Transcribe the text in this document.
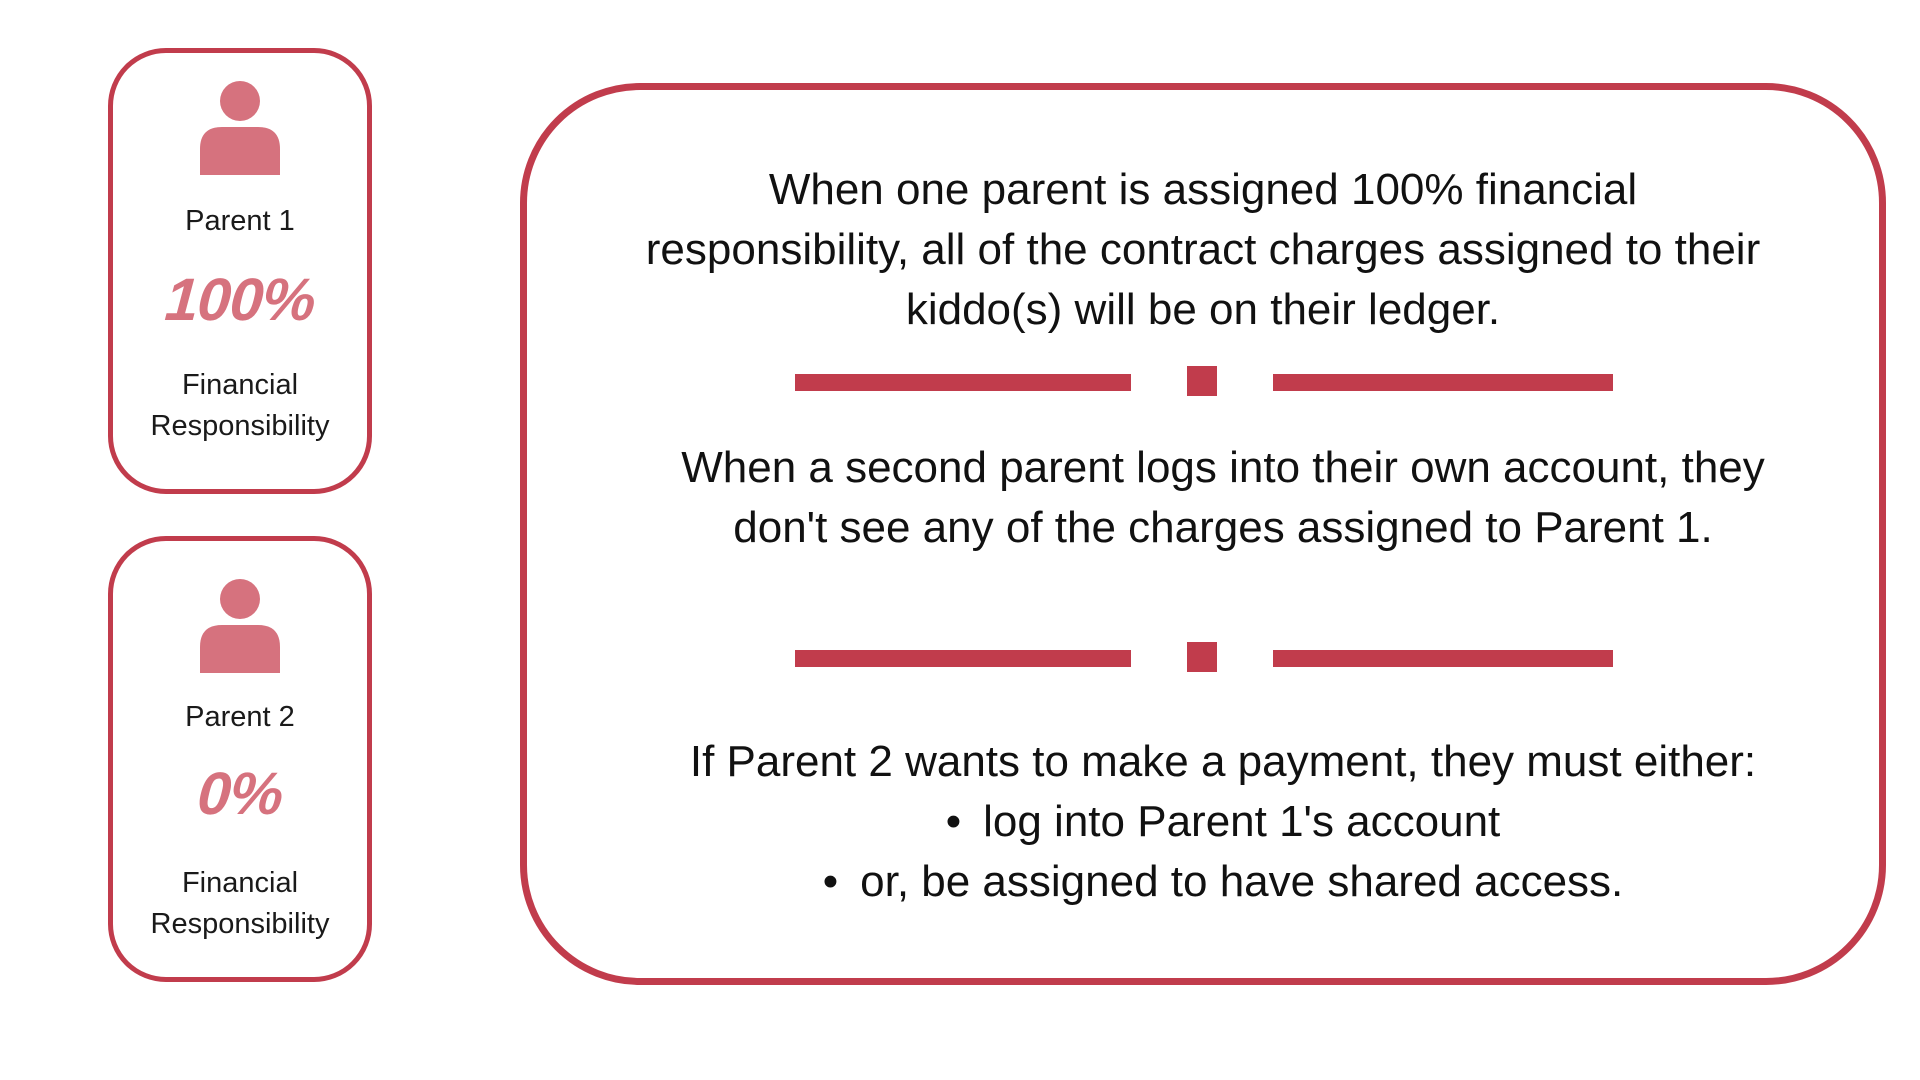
Parent 1
100%
Financial
Responsibility
Parent 2
0%
Financial
Responsibility
When one parent is assigned 100% financial
responsibility, all of the contract charges assigned to their
kiddo(s) will be on their ledger.
When a second parent logs into their own account, they
don't see any of the charges assigned to Parent 1.
If Parent 2 wants to make a payment, they must either:
• log into Parent 1's account
• or, be assigned to have shared access.
